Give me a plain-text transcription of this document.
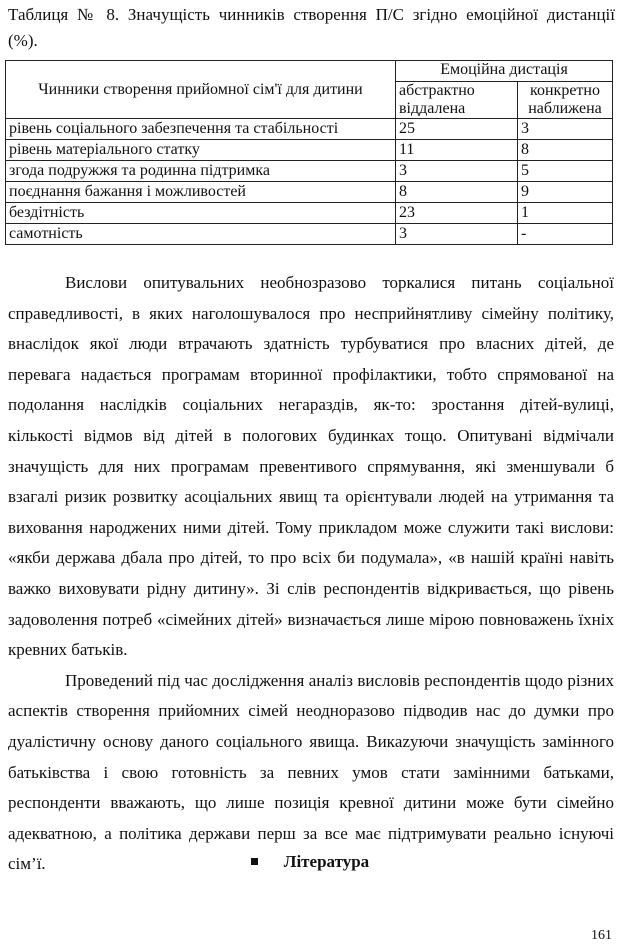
Таблиця № 8. Значущість чинників створення П/С згідно емоційної дистанції
(%).
Чинники створення прийомної сім'ї для дитини	Емоційна дистація	
	абстрактно віддалена	конкретно наближена
рівень соціального забезпечення та стабільності	25	3
рівень матеріального статку	11	8
згода подружжя та родинна підтримка	3	5
поєднання бажання і можливостей	8	9
бездітність	23	1
самотність	3	-

Вислови опитувальних необнозразово торкалися питань соціальної справедливості, в яких наголошувалося про несприйнятливу сімейну політику, внаслідок якої люди втрачають здатність турбуватися про власних дітей, де перевага надається програмам вторинної профілактики, тобто спрямованої на подолання наслідків соціальних негараздів, як-то: зростання дітей-вулиці, кількості відмов від дітей в пологових будинках тощо. Опитувані відмічали значущість для них програмам превентивого спрямування, які зменшували б взагалі ризик розвитку асоціальних явищ та орієнтували людей на утримання та виховання народжених ними дітей. Тому прикладом може служити такі вислови: «якби держава дбала про дітей, то про всіх би подумала», «в нашій країні навіть важко виховувати рідну дитину». Зі слів респондентів відкривається, що рівень задоволення потреб «сімейних дітей» визначається лише мірою повноважень їхніх кревних батьків.

Проведений під час дослідження аналіз висловів респондентів щодо різних аспектів створення прийомних сімей неодноразово підводив нас до думки про дуалістичну основу даного соціального явища. Викazуючи значущість замінного батьківства і свою готовність за певних умов стати замінними батьками, респонденти вважають, що лише позиція кревної дитини може бути сімейно адекватною, а політика держави перш за все має підтримувати реально існуючі сім’ї.	Література
161
